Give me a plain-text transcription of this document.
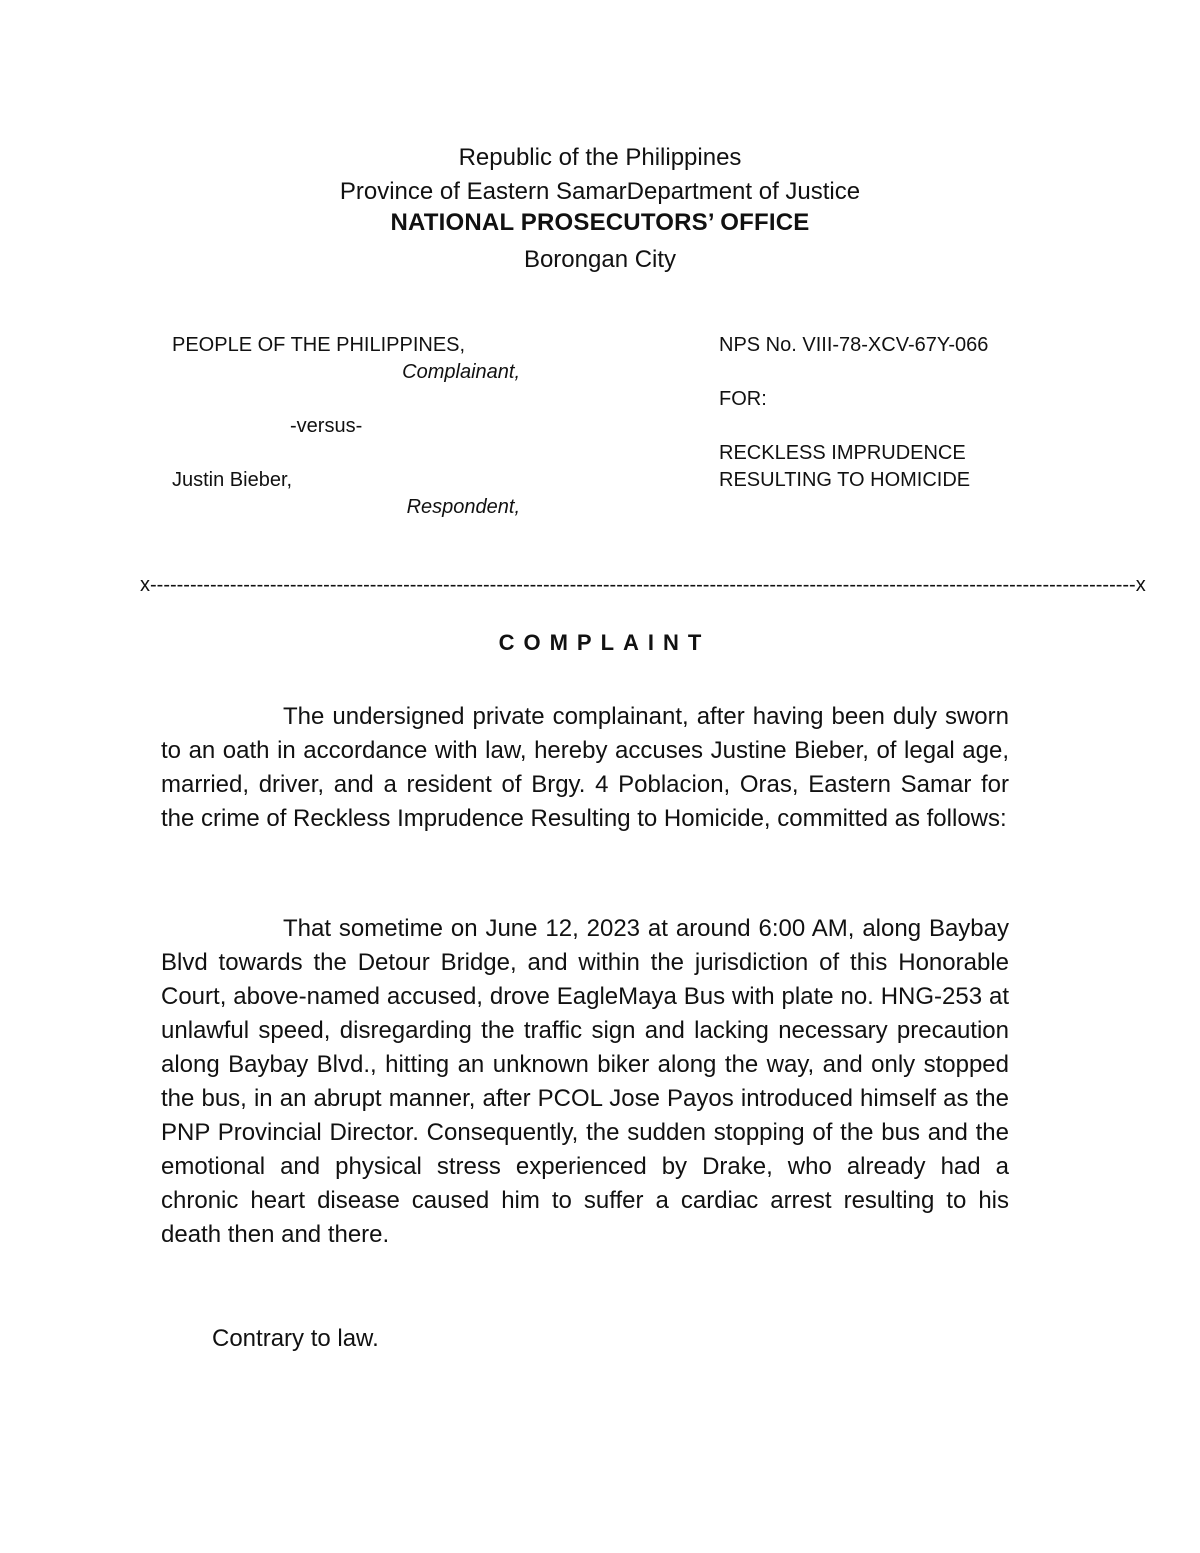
Republic of the Philippines
Province of Eastern SamarDepartment of Justice
NATIONAL PROSECUTORS’ OFFICE
Borongan City
PEOPLE OF THE PHILIPPINES,
Complainant,
-versus-
Justin Bieber,
Respondent,
NPS No. VIII-78-XCV-67Y-066
FOR:
RECKLESS IMPRUDENCE
RESULTING TO HOMICIDE
x----------------------------------------------------------------------------------------------------------------------------------------------------x
COMPLAINT

The undersigned private complainant, after having been duly sworn to an oath in accordance with law, hereby accuses Justine Bieber, of legal age, married, driver, and a resident of Brgy. 4 Poblacion, Oras, Eastern Samar for the crime of Reckless Imprudence Resulting to Homicide, committed as follows:

That sometime on June 12, 2023 at around 6:00 AM, along Baybay Blvd towards the Detour Bridge, and within the jurisdiction of this Honorable Court, above-named accused, drove EagleMaya Bus with plate no. HNG-253 at unlawful speed, disregarding the traffic sign and lacking necessary precaution along Baybay Blvd., hitting an unknown biker along the way, and only stopped the bus, in an abrupt manner, after PCOL Jose Payos introduced himself as the PNP Provincial Director. Consequently, the sudden stopping of the bus and the emotional and physical stress experienced by Drake, who already had a chronic heart disease caused him to suffer a cardiac arrest resulting to his death then and there.

Contrary to law.
